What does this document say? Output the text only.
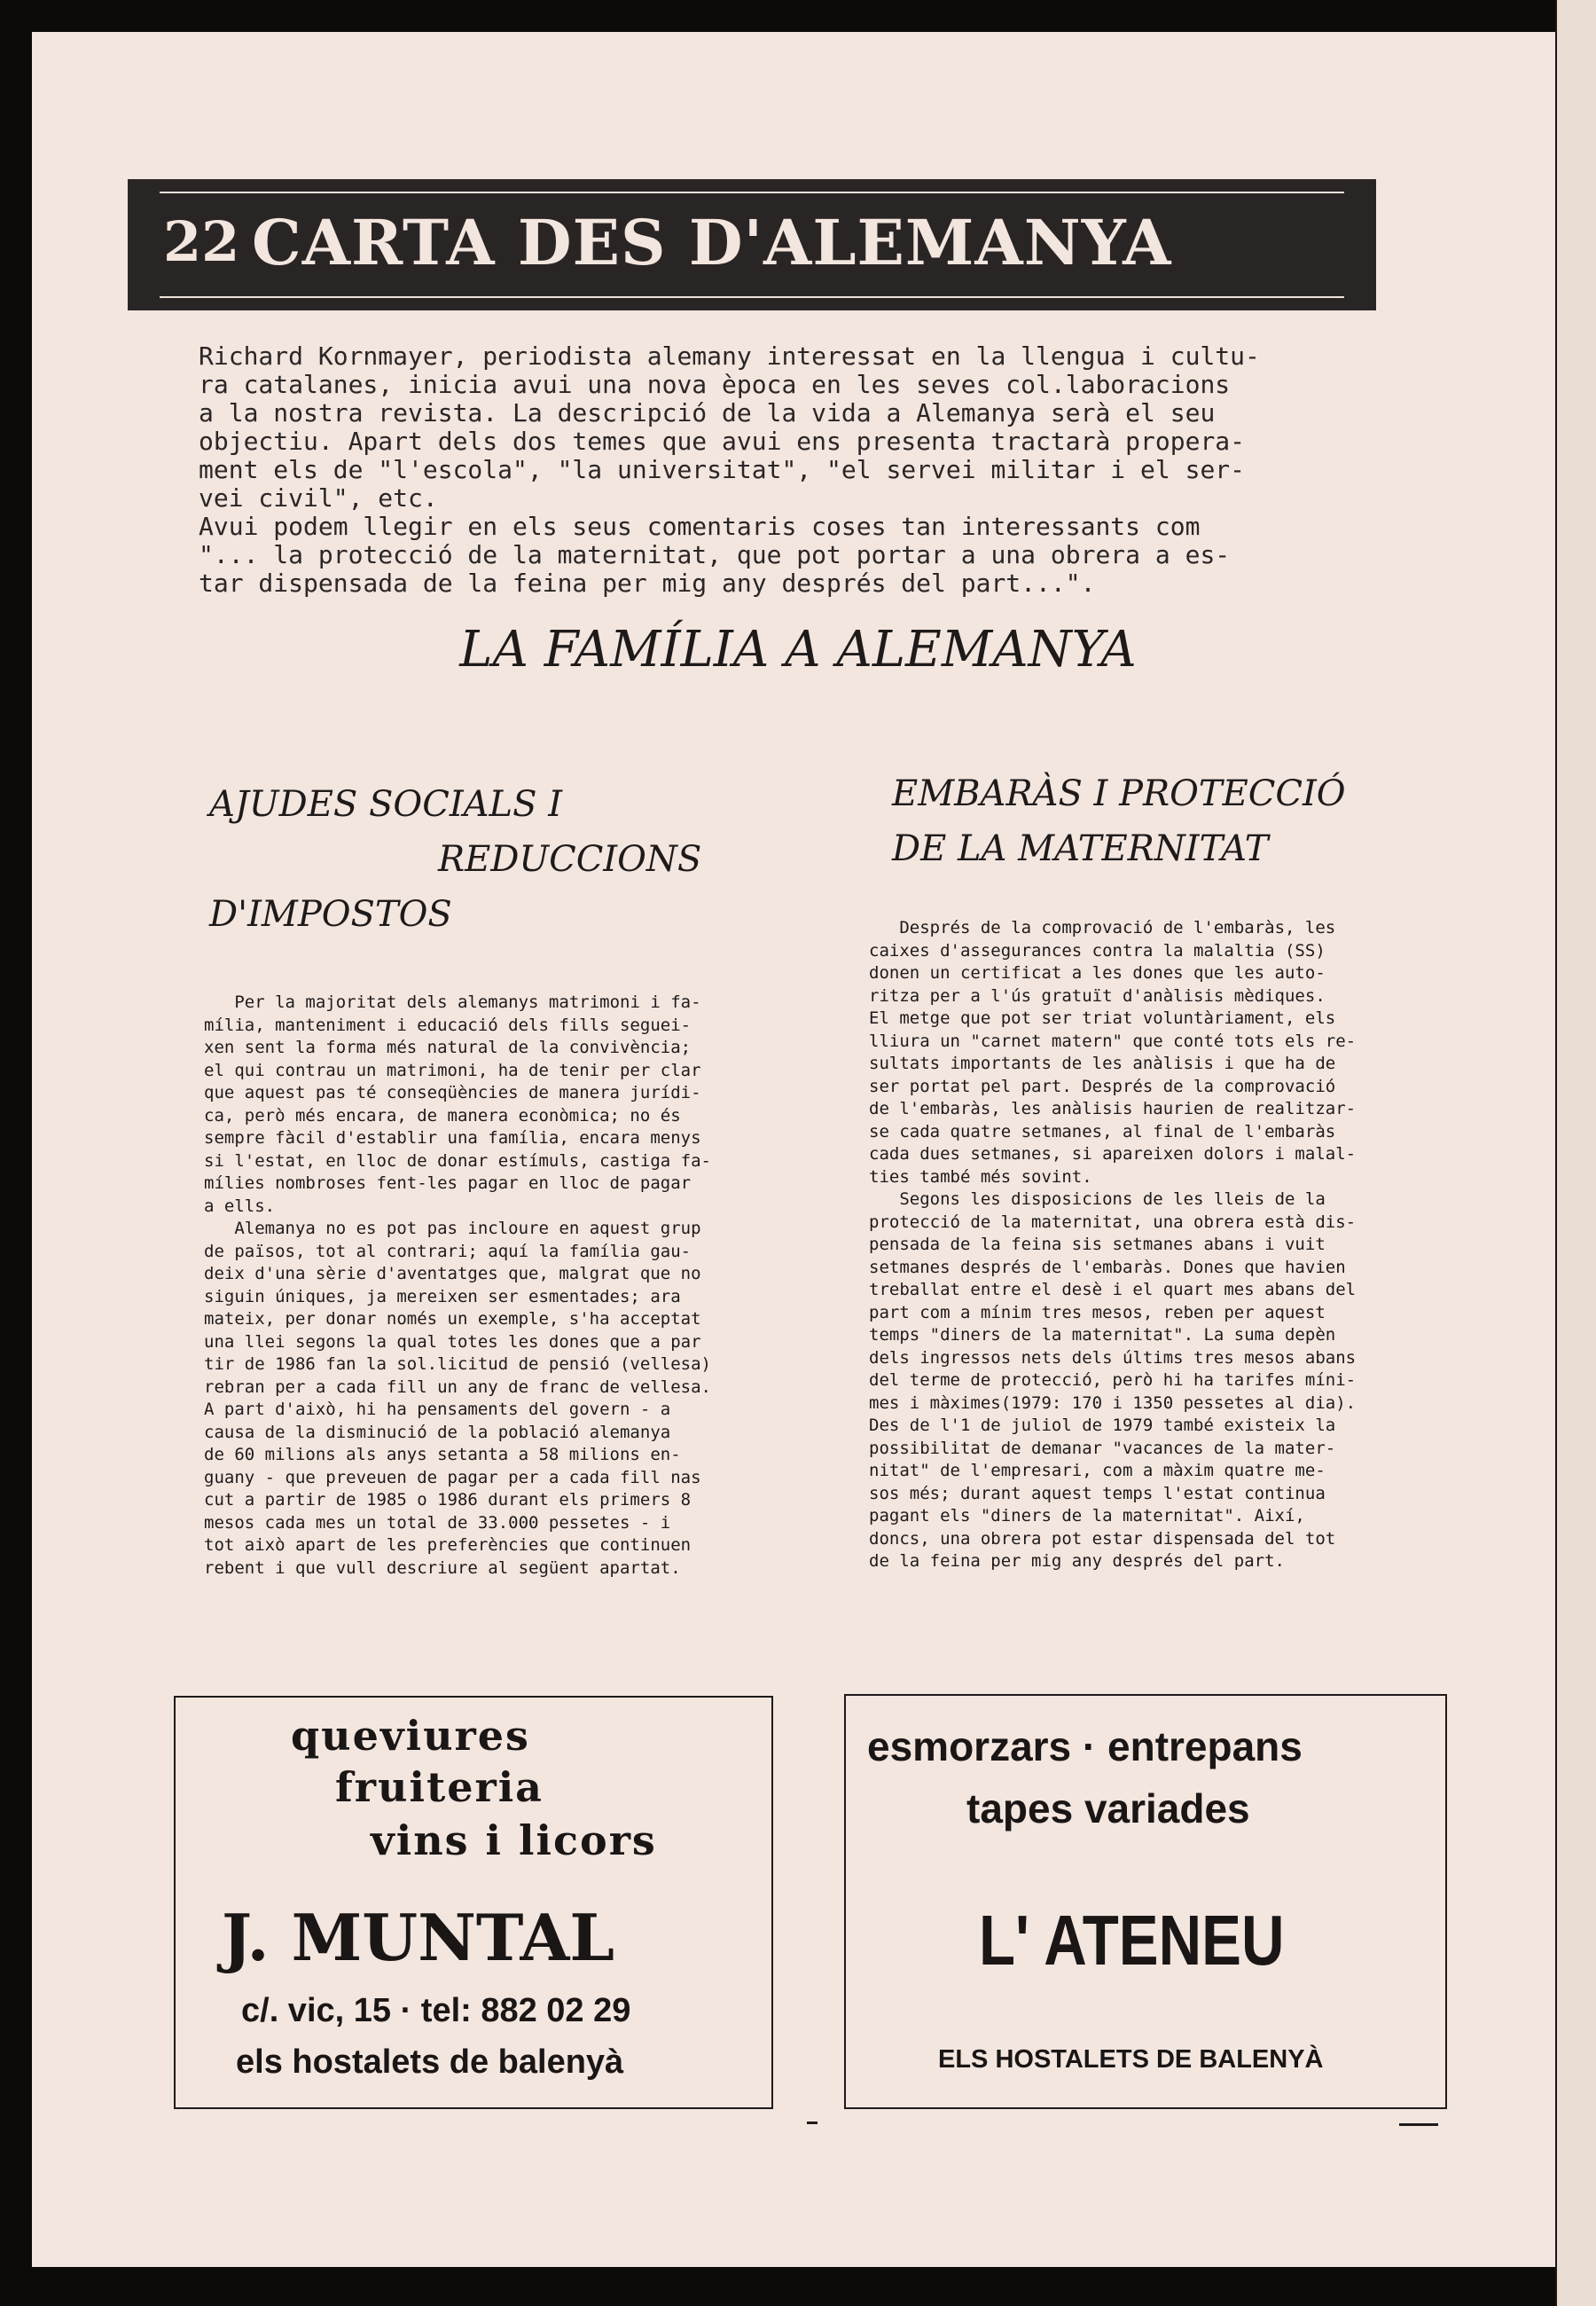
22 CARTA DES D'ALEMANYA
Richard Kornmayer, periodista alemany interessat en la llengua i cultu-
ra catalanes, inicia avui una nova època en les seves col.laboracions
a la nostra revista. La descripció de la vida a Alemanya serà el seu
objectiu. Apart dels dos temes que avui ens presenta tractarà propera-
ment els de "l'escola", "la universitat", "el servei militar i el ser-
vei civil", etc.
Avui podem llegir en els seus comentaris coses tan interessants com
"... la protecció de la maternitat, que pot portar a una obrera a es-
tar dispensada de la feina per mig any després del part...".
LA FAMÍLIA A ALEMANYA
AJUDES SOCIALS I
REDUCCIONS
D'IMPOSTOS
EMBARÀS I PROTECCIÓ
DE LA MATERNITAT
Per la majoritat dels alemanys matrimoni i fa-
mília, manteniment i educació dels fills seguei-
xen sent la forma més natural de la convivència;
el qui contrau un matrimoni, ha de tenir per clar
que aquest pas té conseqüències de manera jurídi-
ca, però més encara, de manera econòmica; no és
sempre fàcil d'establir una família, encara menys
si l'estat, en lloc de donar estímuls, castiga fa-
mílies nombroses fent-les pagar en lloc de pagar
a ells.
Alemanya no es pot pas incloure en aquest grup
de països, tot al contrari; aquí la família gau-
deix d'una sèrie d'aventatges que, malgrat que no
siguin úniques, ja mereixen ser esmentades; ara
mateix, per donar només un exemple, s'ha acceptat
una llei segons la qual totes les dones que a par
tir de 1986 fan la sol.licitud de pensió (vellesa)
rebran per a cada fill un any de franc de vellesa.
A part d'això, hi ha pensaments del govern - a
causa de la disminució de la població alemanya
de 60 milions als anys setanta a 58 milions en-
guany - que preveuen de pagar per a cada fill nas
cut a partir de 1985 o 1986 durant els primers 8
mesos cada mes un total de 33.000 pessetes - i
tot això apart de les preferències que continuen
rebent i que vull descriure al següent apartat.
Després de la comprovació de l'embaràs, les
caixes d'assegurances contra la malaltia (SS)
donen un certificat a les dones que les auto-
ritza per a l'ús gratuït d'anàlisis mèdiques.
El metge que pot ser triat voluntàriament, els
lliura un "carnet matern" que conté tots els re-
sultats importants de les anàlisis i que ha de
ser portat pel part. Després de la comprovació
de l'embaràs, les anàlisis haurien de realitzar-
se cada quatre setmanes, al final de l'embaràs
cada dues setmanes, si apareixen dolors i malal-
ties també més sovint.
Segons les disposicions de les lleis de la
protecció de la maternitat, una obrera està dis-
pensada de la feina sis setmanes abans i vuit
setmanes després de l'embaràs. Dones que havien
treballat entre el desè i el quart mes abans del
part com a mínim tres mesos, reben per aquest
temps "diners de la maternitat". La suma depèn
dels ingressos nets dels últims tres mesos abans
del terme de protecció, però hi ha tarifes míni-
mes i màximes(1979: 170 i 1350 pessetes al dia).
Des de l'1 de juliol de 1979 també existeix la
possibilitat de demanar "vacances de la mater-
nitat" de l'empresari, com a màxim quatre me-
sos més; durant aquest temps l'estat continua
pagant els "diners de la maternitat". Així,
doncs, una obrera pot estar dispensada del tot
de la feina per mig any després del part.
queviures
fruiteria
vins i licors
J. MUNTAL
c/. vic, 15 · tel: 882 02 29
els hostalets de balenyà
esmorzars · entrepans
tapes variades
L' ATENEU
ELS HOSTALETS DE BALENYÀ
